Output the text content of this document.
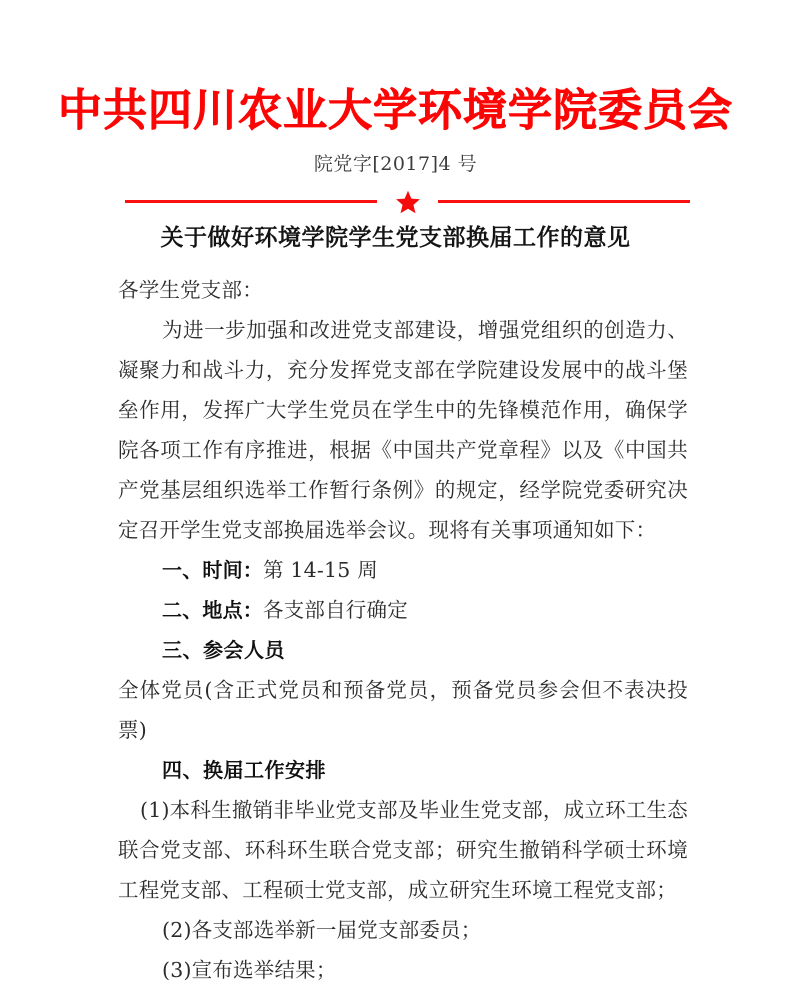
中共四川农业大学环境学院委员会
院党字[2017]4 号
关于做好环境学院学生党支部换届工作的意见

各学生党支部：

为进一步加强和改进党支部建设，增强党组织的创造力、凝聚力和战斗力，充分发挥党支部在学院建设发展中的战斗堡垒作用，发挥广大学生党员在学生中的先锋模范作用，确保学院各项工作有序推进，根据《中国共产党章程》以及《中国共产党基层组织选举工作暂行条例》的规定，经学院党委研究决定召开学生党支部换届选举会议。现将有关事项通知如下：

一、时间：第 14-15 周

二、地点：各支部自行确定

三、参会人员

全体党员(含正式党员和预备党员，预备党员参会但不表决投票)

四、换届工作安排

(1)本科生撤销非毕业党支部及毕业生党支部，成立环工生态联合党支部、环科环生联合党支部；研究生撤销科学硕士环境工程党支部、工程硕士党支部，成立研究生环境工程党支部；

(2)各支部选举新一届党支部委员；

(3)宣布选举结果；
